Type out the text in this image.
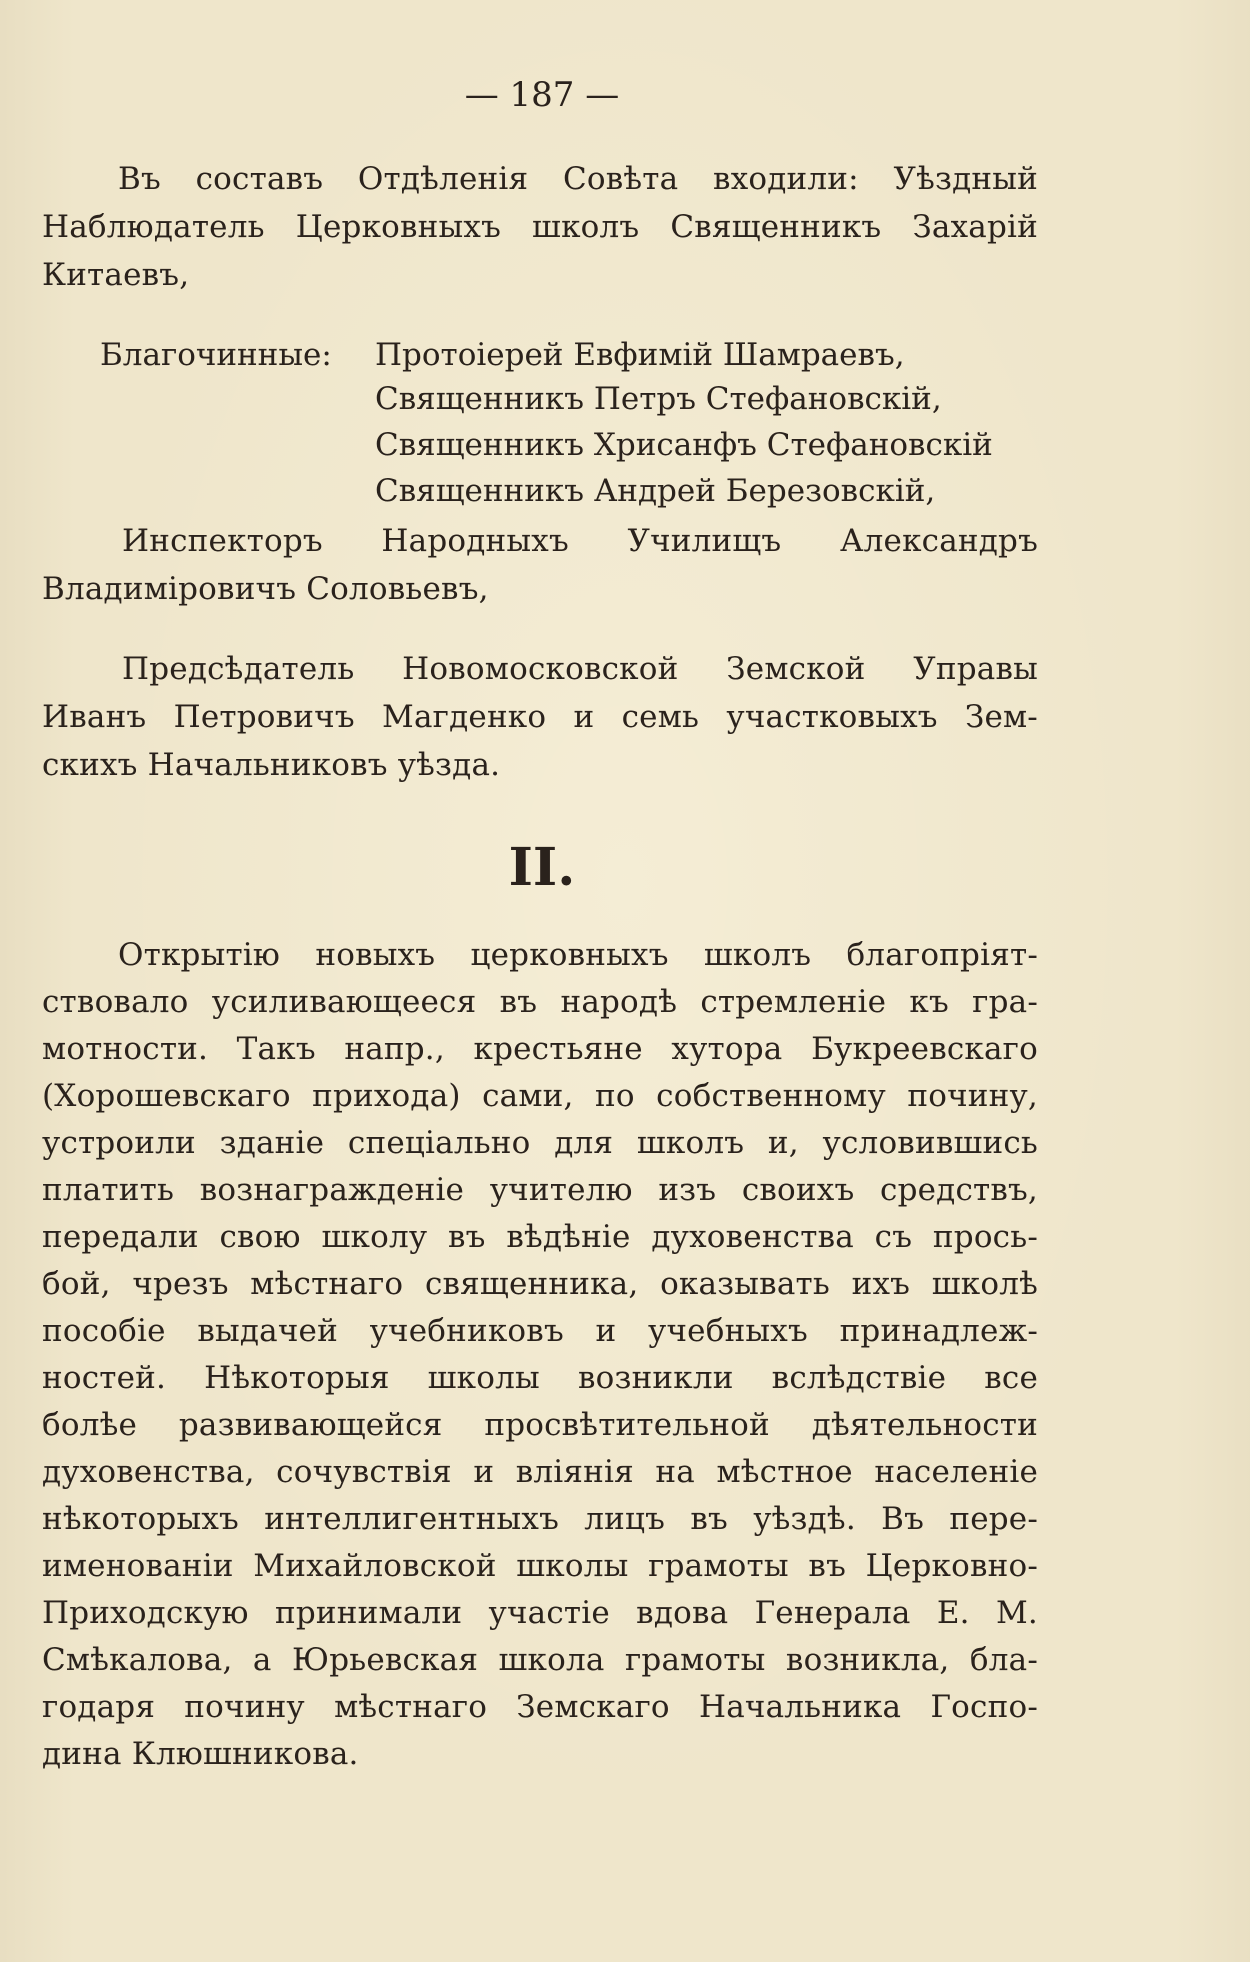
— 187 —
Въ составъ Отдѣленія Совѣта входили: Уѣздный
Наблюдатель Церковныхъ школъ Священникъ Захарій
Китаевъ,
Благочинные: Протоіерей Евфимій Шамраевъ,
Священникъ Петръ Стефановскій,
Священникъ Хрисанфъ Стефановскій
Священникъ Андрей Березовскій,
Инспекторъ Народныхъ Училищъ Александръ
Владиміровичъ Соловьевъ,
Предсѣдатель Новомосковской Земской Управы
Иванъ Петровичъ Магденко и семь участковыхъ Зем-
скихъ Начальниковъ уѣзда.
II.
Открытію новыхъ церковныхъ школъ благопріят-
ствовало усиливающееся въ народѣ стремленіе къ гра-
мотности. Такъ напр., крестьяне хутора Букреевскаго
(Хорошевскаго прихода) сами, по собственному почину,
устроили зданіе спеціально для школъ и, условившись
платить вознагражденіе учителю изъ своихъ средствъ,
передали свою школу въ вѣдѣніе духовенства съ прось-
бой, чрезъ мѣстнаго священника, оказывать ихъ школѣ
пособіе выдачей учебниковъ и учебныхъ принадлеж-
ностей. Нѣкоторыя школы возникли вслѣдствіе все
болѣе развивающейся просвѣтительной дѣятельности
духовенства, сочувствія и вліянія на мѣстное населеніе
нѣкоторыхъ интеллигентныхъ лицъ въ уѣздѣ. Въ пере-
именованіи Михайловской школы грамоты въ Церковно-
Приходскую принимали участіе вдова Генерала Е. М.
Смѣкалова, а Юрьевская школа грамоты возникла, бла-
годаря почину мѣстнаго Земскаго Начальника Госпо-
дина Клюшникова.
